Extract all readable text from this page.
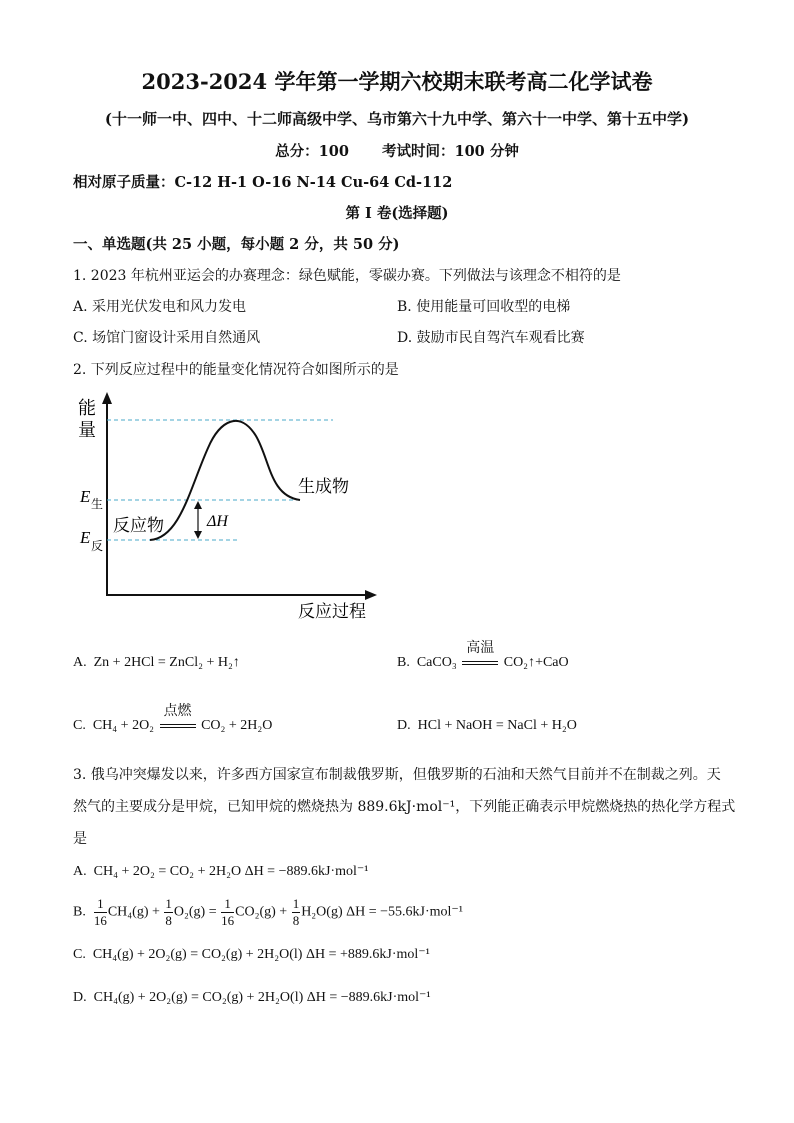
2023-2024 学年第一学期六校期末联考高二化学试卷
(十一师一中、四中、十二师高级中学、乌市第六十九中学、第六十一中学、第十五中学)
总分：100 考试时间：100 分钟
相对原子质量：C-12 H-1 O-16 N-14 Cu-64 Cd-112
第 I 卷(选择题)
一、单选题(共 25 小题，每小题 2 分，共 50 分)
1. 2023 年杭州亚运会的办赛理念：绿色赋能，零碳办赛。下列做法与该理念不相符的是
A. 采用光伏发电和风力发电	B. 使用能量可回收型的电梯
C. 场馆门窗设计采用自然通风	D. 鼓励市民自驾汽车观看比赛
2. 下列反应过程中的能量变化情况符合如图所示的是
能
量
E 生
E 反
反应物
生成物
ΔH
反应过程
A. Zn + 2HCl = ZnCl₂ + H₂↑	B. CaCO₃
高温
CO₂↑+CaO
C. CH₄ + 2O₂
点燃
CO₂ + 2H₂O	D. HCl + NaOH = NaCl + H₂O
3. 俄乌冲突爆发以来，许多西方国家宣布制裁俄罗斯，但俄罗斯的石油和天然气目前并不在制裁之列。天
然气的主要成分是甲烷，已知甲烷的燃烧热为 889.6kJ·mol⁻¹，下列能正确表示甲烷燃烧热的热化学方程式
是
A. CH₄ + 2O₂ = CO₂ + 2H₂O ΔH = −889.6kJ·mol⁻¹
B. $\frac{1}{16} CH_4(g) + \frac{1}{8} O_2(g) = \frac{1}{16} CO_2(g) + \frac{1}{8} H_2O(g) \Delta H = -55.6kJ\cdot mol^{-1}$
C. CH₄(g) + 2O₂(g) = CO₂(g) + 2H₂O(l) ΔH = +889.6kJ·mol⁻¹
D. CH₄(g) + 2O₂(g) = CO₂(g) + 2H₂O(l) ΔH = −889.6kJ·mol⁻¹
